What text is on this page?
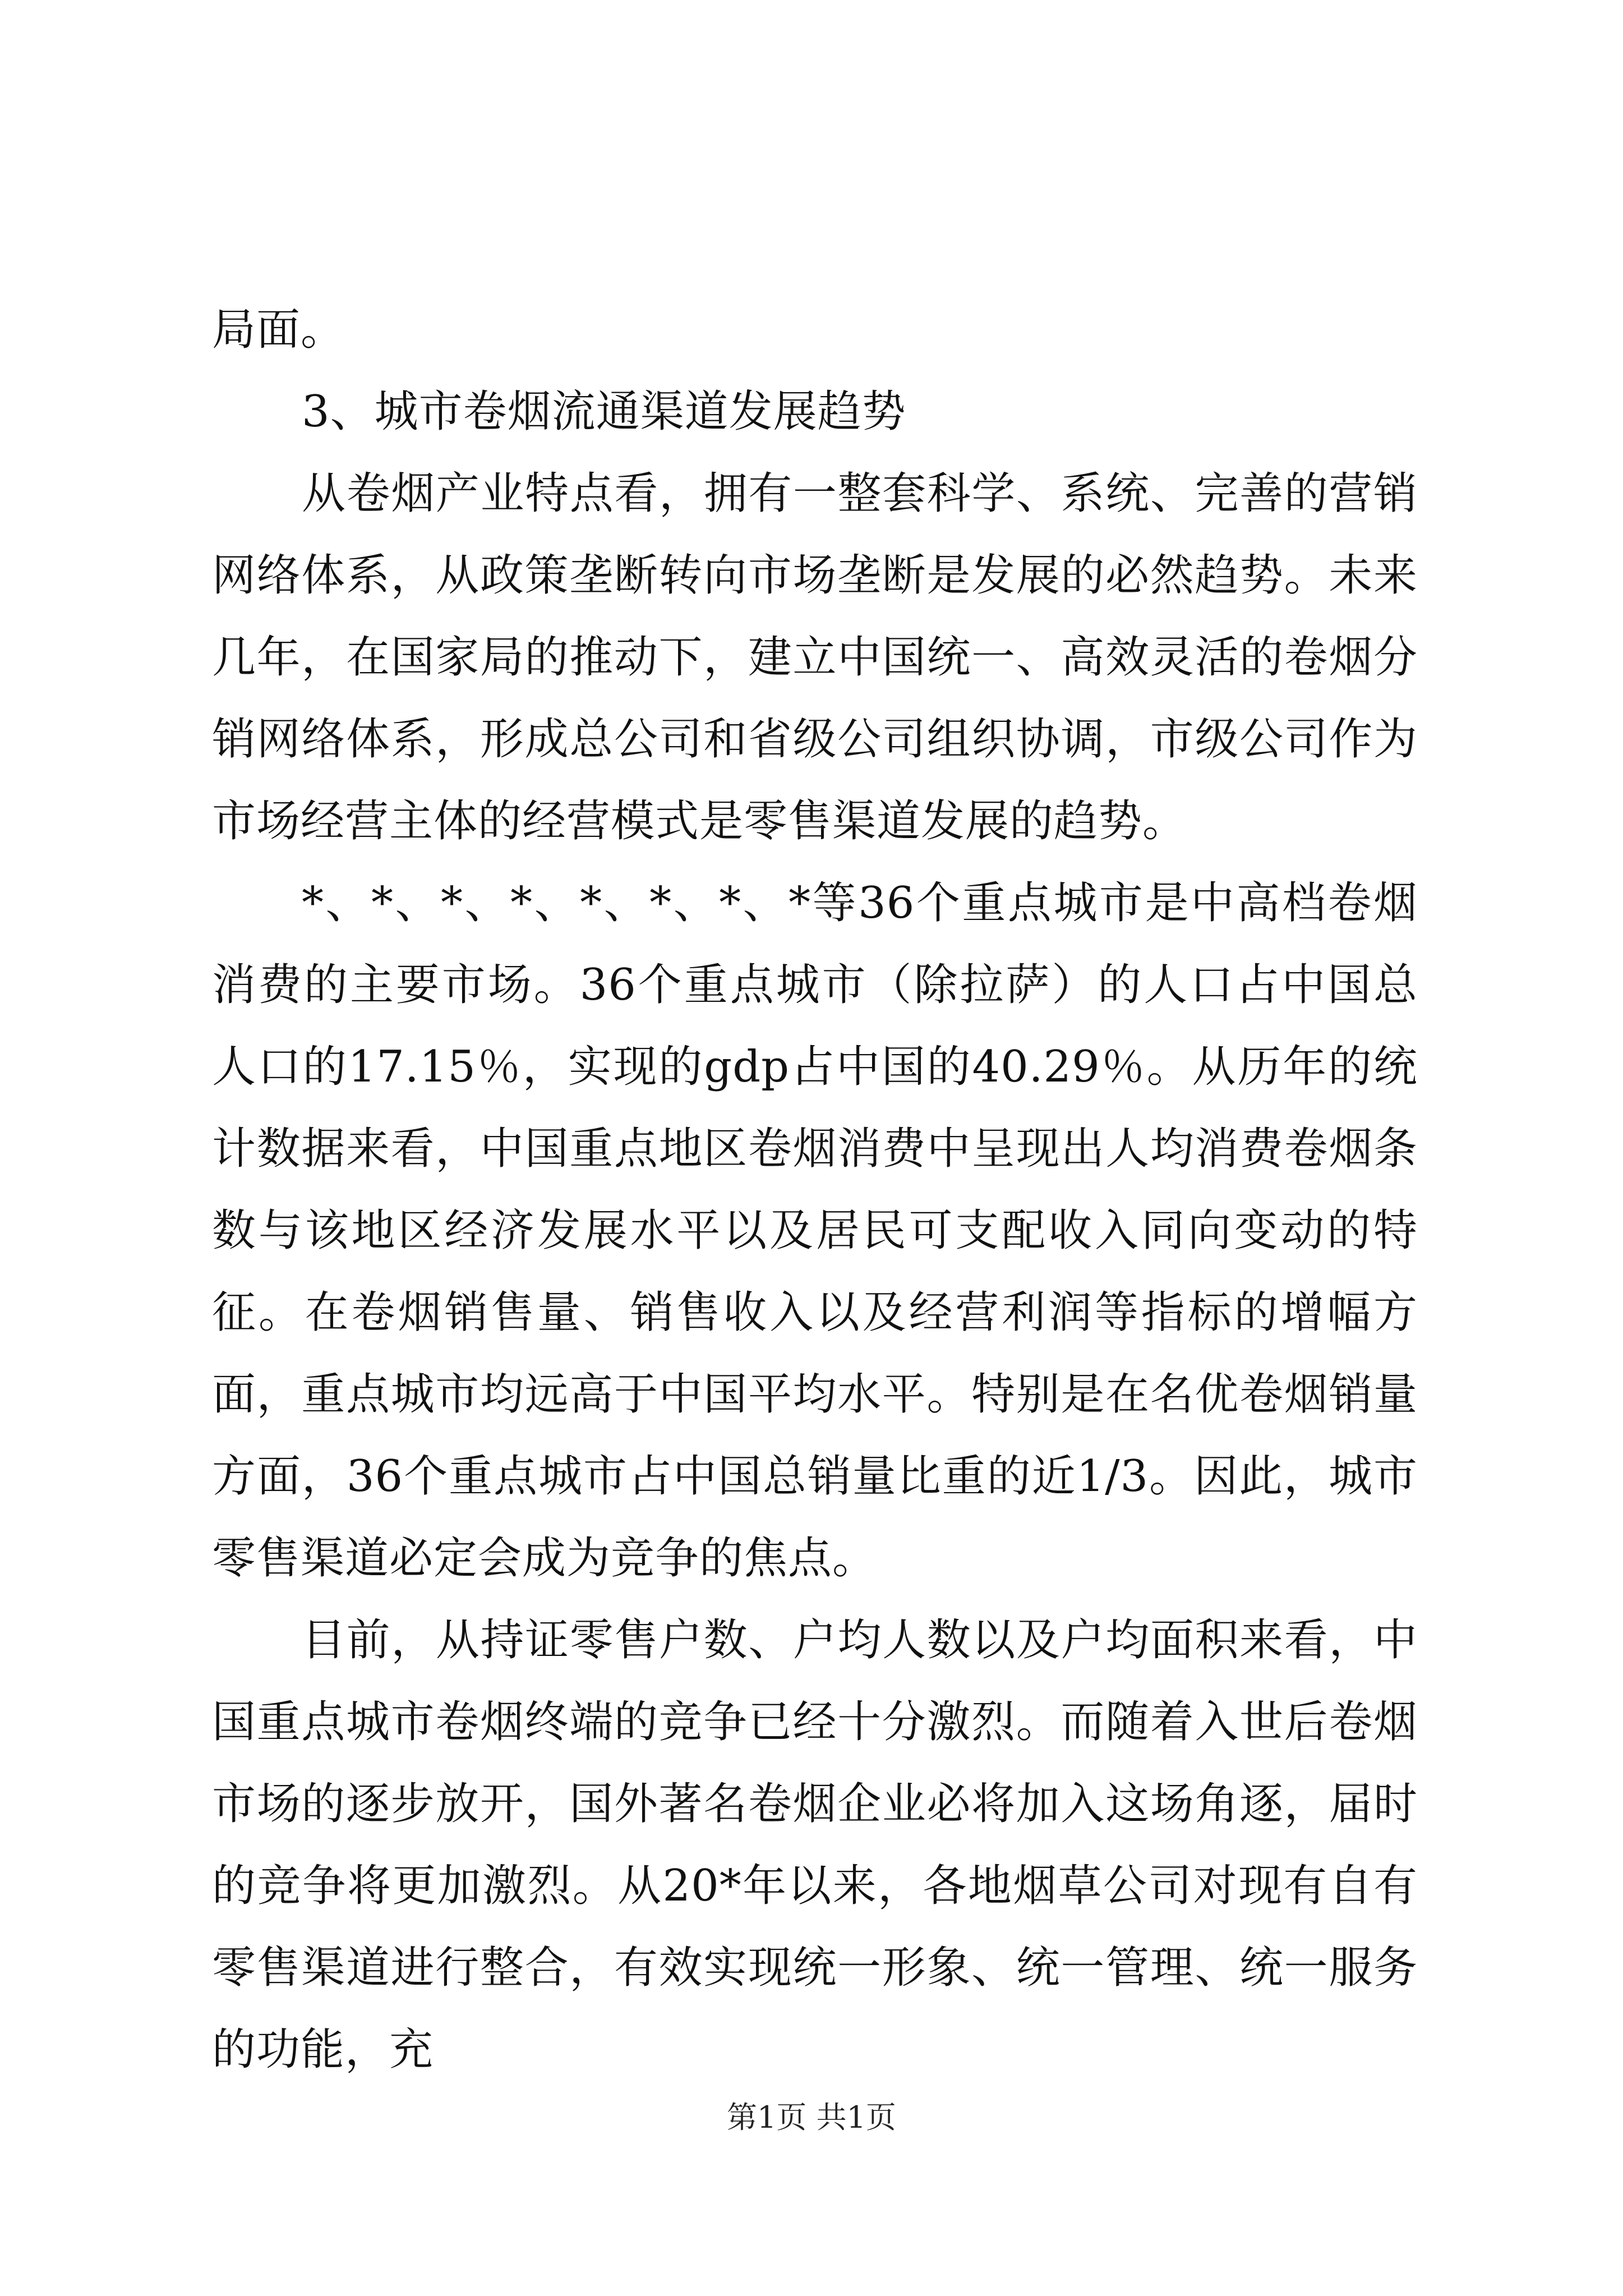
局面。

3、城市卷烟流通渠道发展趋势

从卷烟产业特点看，拥有一整套科学、系统、完善的营销网络体系，从政策垄断转向市场垄断是发展的必然趋势。未来几年，在国家局的推动下，建立中国统一、高效灵活的卷烟分销网络体系，形成总公司和省级公司组织协调，市级公司作为市场经营主体的经营模式是零售渠道发展的趋势。

*、*、*、*、*、*、*、*等36个重点城市是中高档卷烟消费的主要市场。36个重点城市（除拉萨）的人口占中国总人口的17.15％，实现的gdp占中国的40.29％。从历年的统计数据来看，中国重点地区卷烟消费中呈现出人均消费卷烟条数与该地区经济发展水平以及居民可支配收入同向变动的特征。在卷烟销售量、销售收入以及经营利润等指标的增幅方面，重点城市均远高于中国平均水平。特别是在名优卷烟销量方面，36个重点城市占中国总销量比重的近1/3。因此，城市零售渠道必定会成为竞争的焦点。

目前，从持证零售户数、户均人数以及户均面积来看，中国重点城市卷烟终端的竞争已经十分激烈。而随着入世后卷烟市场的逐步放开，国外著名卷烟企业必将加入这场角逐，届时的竞争将更加激烈。从20*年以来，各地烟草公司对现有自有零售渠道进行整合，有效实现统一形象、统一管理、统一服务的功能，充

第1页 共1页
